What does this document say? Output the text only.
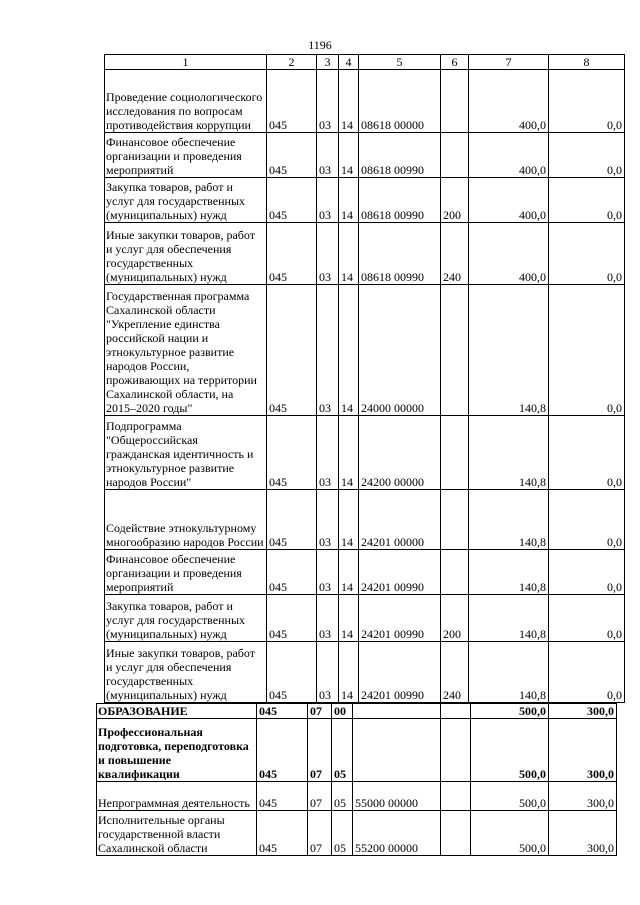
1196
1	2	3	4	5	6	7	8
Проведение социологического исследования по вопросам противодействия коррупции	045	03	14	08618 00000		400,0	0,0
Финансовое обеспечение организации и проведения мероприятий	045	03	14	08618 00990		400,0	0,0
Закупка товаров, работ и услуг для государственных (муниципальных) нужд	045	03	14	08618 00990	200	400,0	0,0
Иные закупки товаров, работ и услуг для обеспечения государственных (муниципальных) нужд	045	03	14	08618 00990	240	400,0	0,0
Государственная программа Сахалинской области "Укрепление единства российской нации и этнокультурное развитие народов России, проживающих на территории Сахалинской области, на 2015–2020 годы"	045	03	14	24000 00000		140,8	0,0
Подпрограмма "Общероссийская гражданская идентичность и этнокультурное развитие народов России"	045	03	14	24200 00000		140,8	0,0
Содействие этнокультурному многообразию народов России	045	03	14	24201 00000		140,8	0,0
Финансовое обеспечение организации и проведения мероприятий	045	03	14	24201 00990		140,8	0,0
Закупка товаров, работ и услуг для государственных (муниципальных) нужд	045	03	14	24201 00990	200	140,8	0,0
Иные закупки товаров, работ и услуг для обеспечения государственных (муниципальных) нужд	045	03	14	24201 00990	240	140,8	0,0
ОБРАЗОВАНИЕ	045	07	00			500,0	300,0
Профессиональная подготовка, переподготовка и повышение квалификации	045	07	05			500,0	300,0
Непрограммная деятельность	045	07	05	55000 00000		500,0	300,0
Исполнительные органы государственной власти Сахалинской области	045	07	05	55200 00000		500,0	300,0
